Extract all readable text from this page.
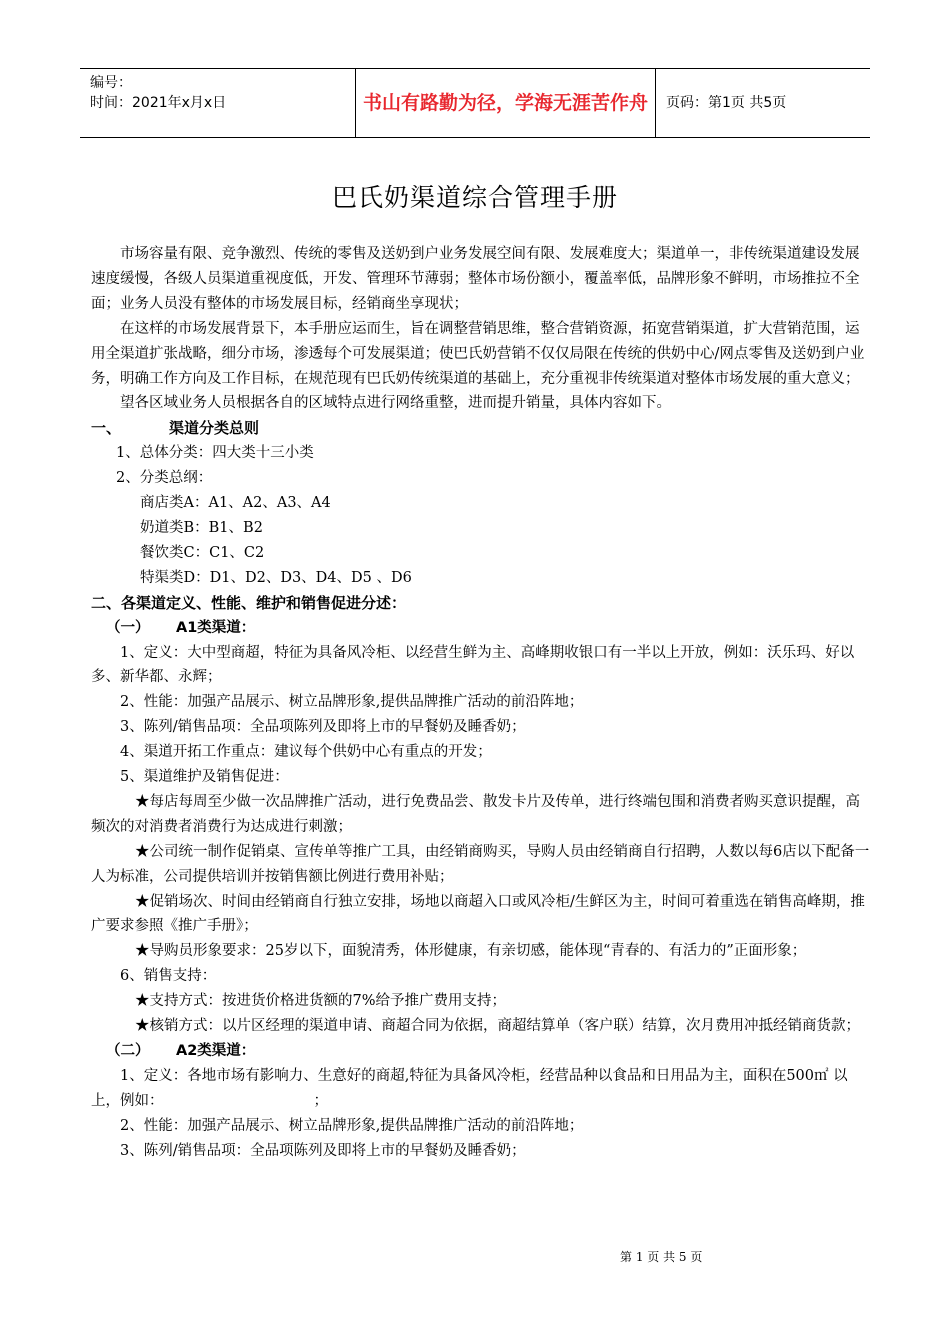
编号：
时间：2021年x月x日	书山有路勤为径，学海无涯苦作舟	页码：第1页 共5页
巴氏奶渠道综合管理手册

市场容量有限、竞争激烈、传统的零售及送奶到户业务发展空间有限、发展难度大；渠道单一，非传统渠道建设发展速度缓慢，各级人员渠道重视度低，开发、管理环节薄弱；整体市场份额小，覆盖率低，品牌形象不鲜明，市场推拉不全面；业务人员没有整体的市场发展目标，经销商坐享现状；

在这样的市场发展背景下，本手册应运而生，旨在调整营销思维，整合营销资源，拓宽营销渠道，扩大营销范围，运用全渠道扩张战略，细分市场，渗透每个可发展渠道；使巴氏奶营销不仅仅局限在传统的供奶中心/网点零售及送奶到户业务，明确工作方向及工作目标，在规范现有巴氏奶传统渠道的基础上，充分重视非传统渠道对整体市场发展的重大意义；

望各区域业务人员根据各自的区域特点进行网络重整，进而提升销量，具体内容如下。

一、	渠道分类总则

1、总体分类：四大类十三小类

2、分类总纲：

商店类A：A1、A2、A3、A4

奶道类B：B1、B2

餐饮类C：C1、C2

特渠类D：D1、D2、D3、D4、D5 、D6

二、各渠道定义、性能、维护和销售促进分述：

（一） A1类渠道：

1、定义：大中型商超，特征为具备风冷柜、以经营生鲜为主、高峰期收银口有一半以上开放，例如：沃乐玛、好以多、新华都、永辉；

2、性能：加强产品展示、树立品牌形象,提供品牌推广活动的前沿阵地；

3、陈列/销售品项：全品项陈列及即将上市的早餐奶及睡香奶；

4、渠道开拓工作重点：建议每个供奶中心有重点的开发；

5、渠道维护及销售促进：

★每店每周至少做一次品牌推广活动，进行免费品尝、散发卡片及传单，进行终端包围和消费者购买意识提醒，高频次的对消费者消费行为达成进行刺激；

★公司统一制作促销桌、宣传单等推广工具，由经销商购买，导购人员由经销商自行招聘，人数以每6店以下配备一人为标准，公司提供培训并按销售额比例进行费用补贴；

★促销场次、时间由经销商自行独立安排，场地以商超入口或风冷柜/生鲜区为主，时间可着重选在销售高峰期，推广要求参照《推广手册》；

★导购员形象要求：25岁以下，面貌清秀，体形健康，有亲切感，能体现“青春的、有活力的”正面形象；

6、销售支持：

★支持方式：按进货价格进货额的7%给予推广费用支持；

★核销方式：以片区经理的渠道申请、商超合同为依据，商超结算单（客户联）结算，次月费用冲抵经销商货款；

（二） A2类渠道：

1、定义：各地市场有影响力、生意好的商超,特征为具备风冷柜，经营品种以食品和日用品为主，面积在500㎡ 以上，例如：	；

2、性能：加强产品展示、树立品牌形象,提供品牌推广活动的前沿阵地；

3、陈列/销售品项：全品项陈列及即将上市的早餐奶及睡香奶；

第 1 页 共 5 页
